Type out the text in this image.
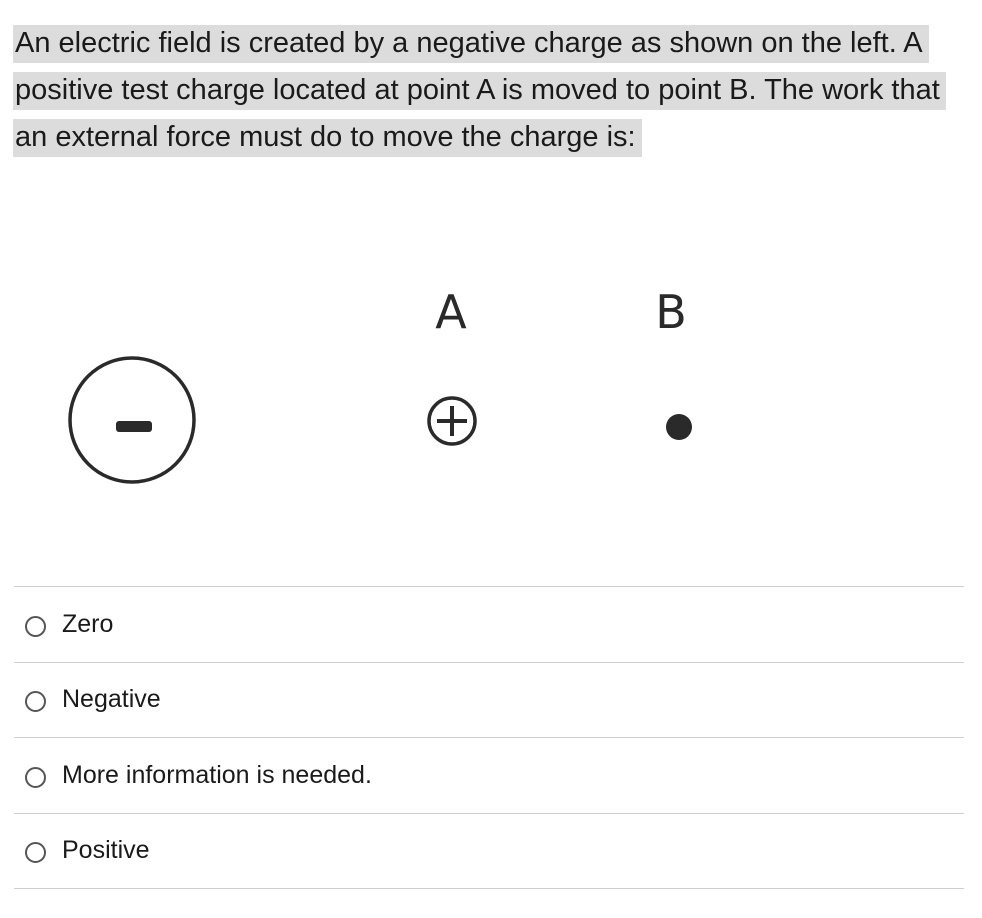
An electric field is created by a negative charge as shown on the left. A positive test charge located at point A is moved to point B. The work that an external force must do to move the charge is:

A	B
Zero
Negative
More information is needed.
Positive
